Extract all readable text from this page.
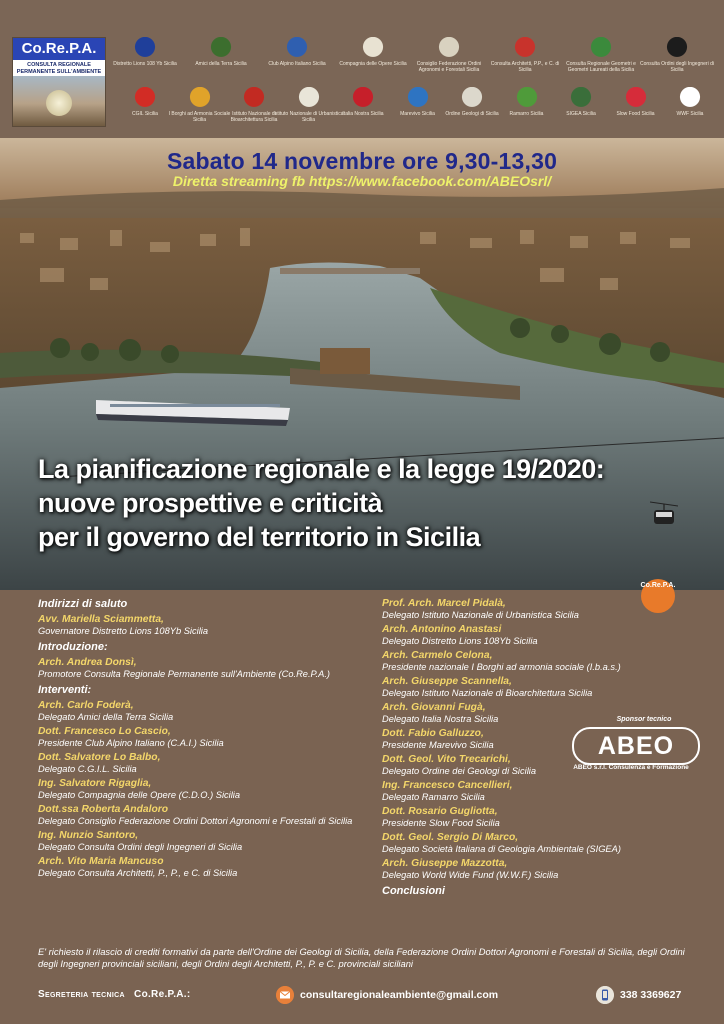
Co.Re.P.A.
CONSULTA REGIONALE PERMANENTE SULL'AMBIENTE
Distretto Lions 108 Yb Sicilia	Amici della Terra Sicilia	Club Alpino Italiano Sicilia	Compagnia delle Opere Sicilia	Consiglio Federazione Ordini Agronomi e Forestali Sicilia
Consulta Architetti, P.P., e C. di Sicilia
Consulta Regionale Geometri e Geometri Laureati della Sicilia
Consulta Ordini degli Ingegneri di Sicilia
CGIL Sicilia	I Borghi ad Armonia Sociale Sicilia
Istituto Nazionale di Bioarchitettura Sicilia
Istituto Nazionale di Urbanistica Sicilia
Italia Nostra Sicilia	Marevivo Sicilia	Ordine Geologi di Sicilia	Ramarro Sicilia	SIGEA Sicilia	Slow Food Sicilia	WWF Sicilia
Sabato 14 novembre ore 9,30-13,30
Diretta streaming fb https://www.facebook.com/ABEOsrl/
La pianificazione regionale e la legge 19/2020:
nuove prospettive e criticità
per il governo del territorio in Sicilia
Co.Re.P.A.
Indirizzi di saluto
Avv. Mariella Sciammetta,
Governatore Distretto Lions 108Yb Sicilia
Introduzione:
Arch. Andrea Donsì,
Promotore Consulta Regionale Permanente sull'Ambiente (Co.Re.P.A.)
Interventi:
Arch. Carlo Foderà,
Delegato Amici della Terra Sicilia
Dott. Francesco Lo Cascio,
Presidente Club Alpino Italiano (C.A.I.) Sicilia
Dott. Salvatore Lo Balbo,
Delegato C.G.I.L. Sicilia
Ing. Salvatore Rigaglia,
Delegato Compagnia delle Opere (C.D.O.) Sicilia
Dott.ssa Roberta Andaloro
Delegato Consiglio Federazione Ordini Dottori Agronomi e Forestali di Sicilia
Ing. Nunzio Santoro,
Delegato Consulta Ordini degli Ingegneri di Sicilia
Arch. Vito Maria Mancuso
Delegato Consulta Architetti, P., P., e C. di Sicilia
Prof. Arch. Marcel Pidalà,
Delegato Istituto Nazionale di Urbanistica Sicilia
Arch. Antonino Anastasi
Delegato Distretto Lions 108Yb Sicilia
Arch. Carmelo Celona,
Presidente nazionale I Borghi ad armonia sociale (I.b.a.s.)
Arch. Giuseppe Scannella,
Delegato Istituto Nazionale di Bioarchitettura Sicilia
Arch. Giovanni Fugà,
Delegato Italia Nostra Sicilia
Dott. Fabio Galluzzo,
Presidente Marevivo Sicilia
Dott. Geol. Vito Trecarichi,
Delegato Ordine dei Geologi di Sicilia
Ing. Francesco Cancellieri,
Delegato Ramarro Sicilia
Dott. Rosario Gugliotta,
Presidente Slow Food Sicilia
Dott. Geol. Sergio Di Marco,
Delegato Società Italiana di Geologia Ambientale (SIGEA)
Arch. Giuseppe Mazzotta,
Delegato World Wide Fund (W.W.F.) Sicilia
Conclusioni
Sponsor tecnico
ABEO
ABEO s.r.l. Consulenza e Formazione
E' richiesto il rilascio di crediti formativi da parte dell'Ordine dei Geologi di Sicilia, della Federazione Ordini Dottori Agronomi e Forestali di Sicilia, degli Ordini degli Ingegneri provinciali siciliani, degli Ordini degli Architetti, P., P. e C. provinciali siciliani
Segreteria tecnica Co.Re.P.A.:	consultaregionaleambiente@gmail.com	338 3369627
